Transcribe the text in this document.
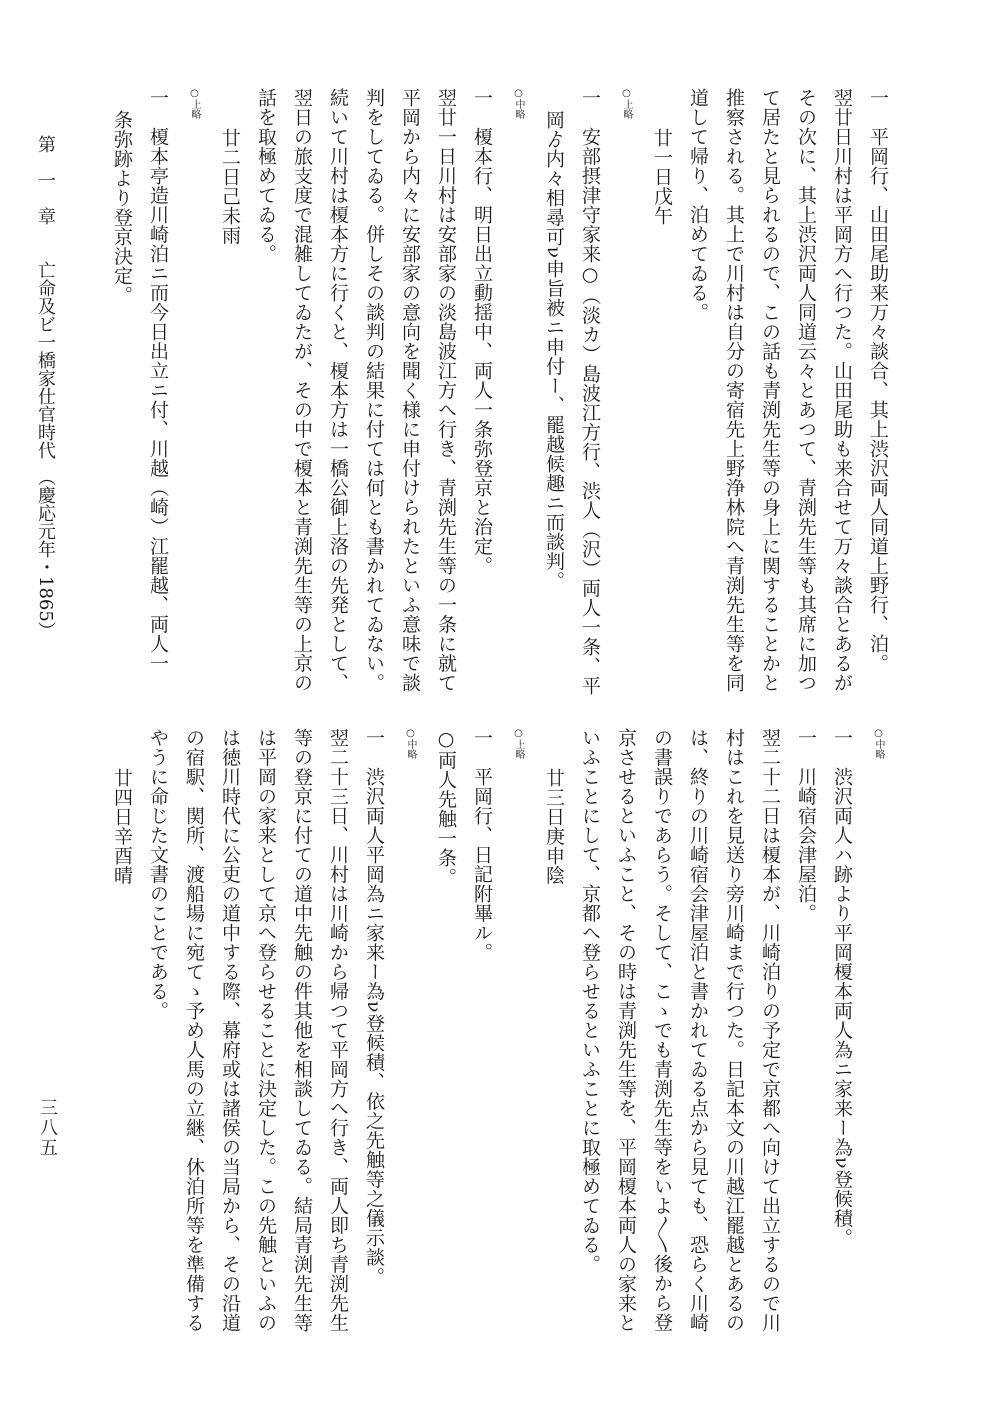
一　平岡行、山田尾助来万々談合、其上渋沢両人同道上野行、泊。
翌廿日川村は平岡方へ行つた。山田尾助も来合せて万々談合とあるが
その次に、其上渋沢両人同道云々とあつて、青渕先生等も其席に加つ
て居たと見られるので、この話も青渕先生等の身上に関することかと
推察される。其上で川村は自分の寄宿先上野浄林院へ青渕先生等を同
道して帰り、泊めてゐる。
廿一日戊午
○上略
一　安部摂津守家来○（淡カ）島波江方行、渋人（沢）両人一条、平
岡ゟ内々相尋可ν申旨被ニ申付ー、罷越候趣ニ而談判。
○中略
一　榎本行、明日出立動揺中、両人一条弥登京と治定。
翌廿一日川村は安部家の淡島波江方へ行き、青渕先生等の一条に就て
平岡から内々に安部家の意向を聞く様に申付けられたといふ意味で談
判をしてゐる。併しその談判の結果に付ては何とも書かれてゐない。
続いて川村は榎本方に行くと、榎本方は一橋公御上洛の先発として、
翌日の旅支度で混雑してゐたが、その中で榎本と青渕先生等の上京の
話を取極めてゐる。
廿二日己未雨
○上略
一　榎本亭造川崎泊ニ而今日出立ニ付、川越（崎）江罷越、両人一
条弥跡より登京決定。
○中略
一　渋沢両人ハ跡より平岡榎本両人為ニ家来ー為ν登候積。
一　川崎宿会津屋泊。
翌二十二日は榎本が、川崎泊りの予定で京都へ向けて出立するので川
村はこれを見送り旁川崎まで行つた。日記本文の川越江罷越とあるの
は、終りの川崎宿会津屋泊と書かれてゐる点から見ても、恐らく川崎
の書誤りであらう。そして、こゝでも青渕先生等をいよ〳〵後から登
京させるといふこと、その時は青渕先生等を、平岡榎本両人の家来と
いふことにして、京都へ登らせるといふことに取極めてゐる。
廿三日庚申陰
○上略
一　平岡行、日記附畢ル。
○両人先触一条。
○中略
一　渋沢両人平岡為ニ家来ー為ν登候積、依之先触等之儀示談。
翌二十三日、川村は川崎から帰つて平岡方へ行き、両人即ち青渕先生
等の登京に付ての道中先触の件其他を相談してゐる。結局青渕先生等
は平岡の家来として京へ登らせることに決定した。この先触といふの
は徳川時代に公吏の道中する際、幕府或は諸侯の当局から、その沿道
の宿駅、関所、渡船場に宛てゝ予め人馬の立継、休泊所等を準備する
やうに命じた文書のことである。
廿四日辛酉晴
第　一　章　　亡命及ビ一橋家仕官時代　（慶応元年・1865）
三八五
